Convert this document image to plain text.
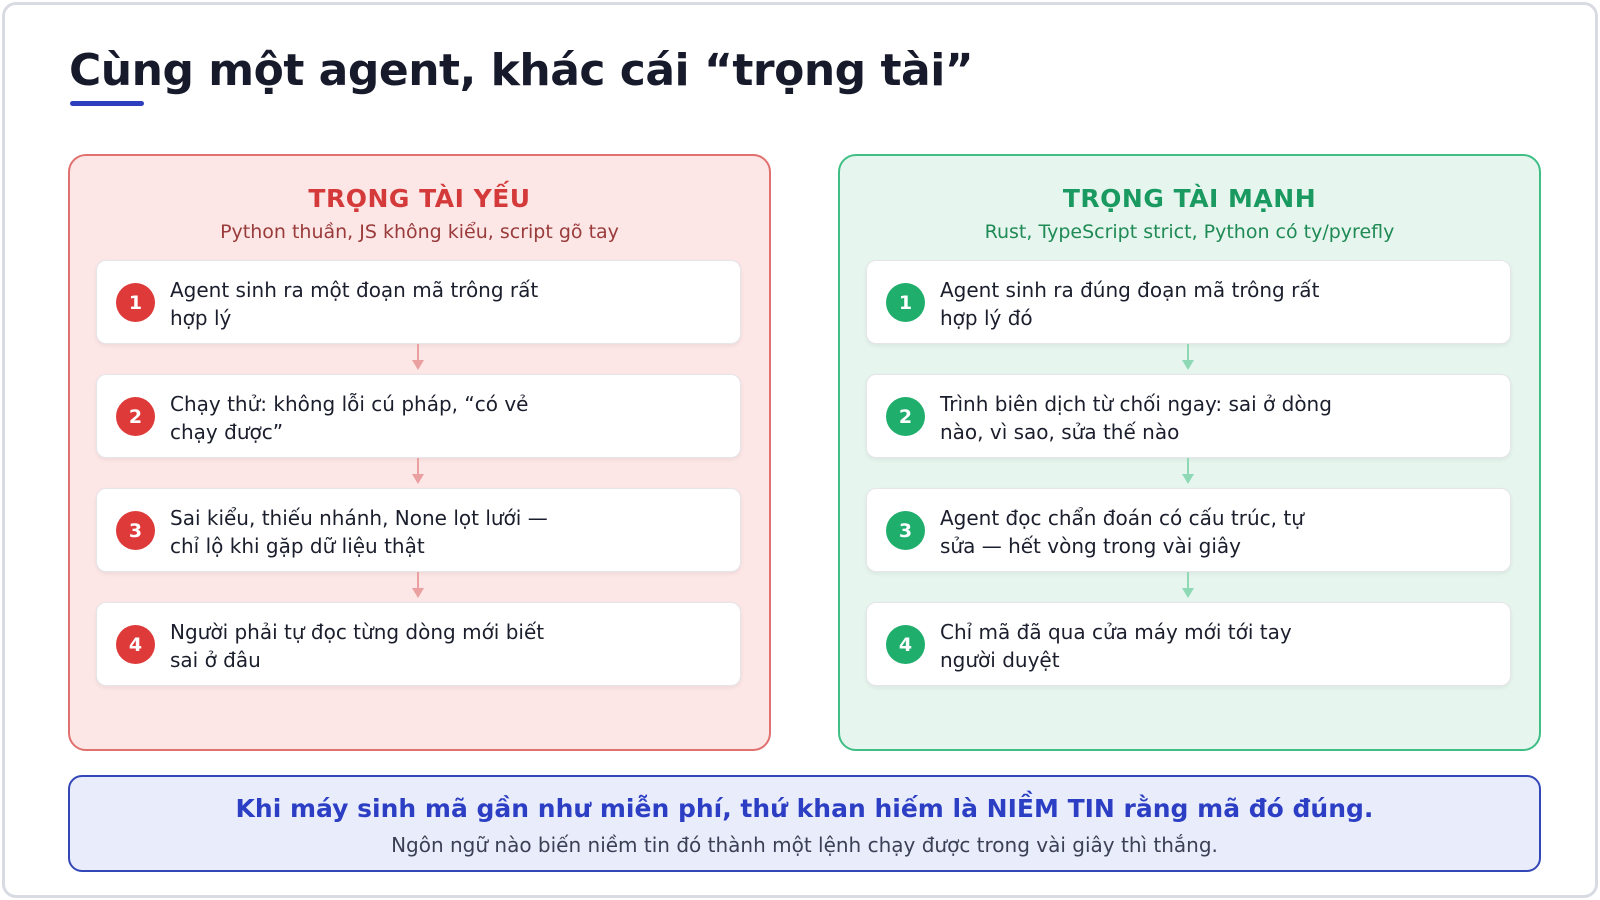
Cùng một agent, khác cái “trọng tài”
TRỌNG TÀI YẾU
Python thuần, JS không kiểu, script gõ tay
1
Agent sinh ra một đoạn mã trông rất hợp lý
2
Chạy thử: không lỗi cú pháp, “có vẻ chạy được”
3
Sai kiểu, thiếu nhánh, None lọt lưới — chỉ lộ khi gặp dữ liệu thật
4
Người phải tự đọc từng dòng mới biết sai ở đâu
TRỌNG TÀI MẠNH
Rust, TypeScript strict, Python có ty/pyrefly
1
Agent sinh ra đúng đoạn mã trông rất hợp lý đó
2
Trình biên dịch từ chối ngay: sai ở dòng nào, vì sao, sửa thế nào
3
Agent đọc chẩn đoán có cấu trúc, tự sửa — hết vòng trong vài giây
4
Chỉ mã đã qua cửa máy mới tới tay người duyệt
Khi máy sinh mã gần như miễn phí, thứ khan hiếm là NIỀM TIN rằng mã đó đúng.
Ngôn ngữ nào biến niềm tin đó thành một lệnh chạy được trong vài giây thì thắng.
